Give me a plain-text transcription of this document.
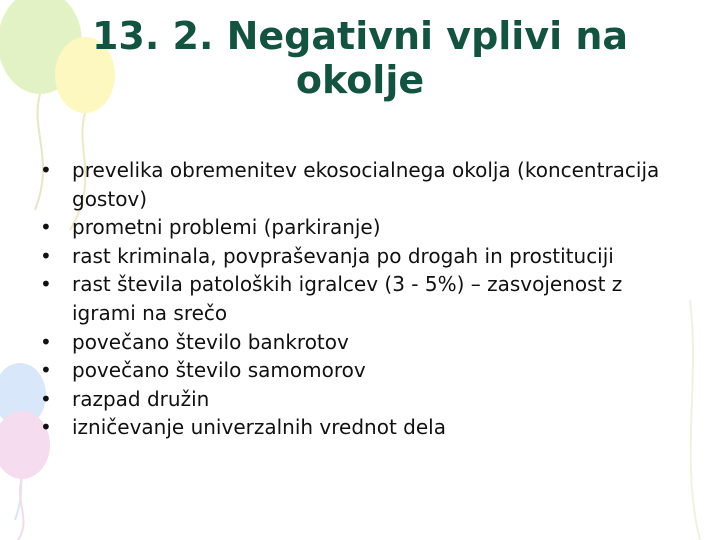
13. 2. Negativni vplivi na
okolje
•	prevelika obremenitev ekosocialnega okolja (koncentracija gostov)
•	prometni problemi (parkiranje)
•	rast kriminala, povpraševanja po drogah in prostituciji
•	rast števila patoloških igralcev (3 - 5%) – zasvojenost z igrami na srečo
•	povečano število bankrotov
•	povečano število samomorov
•	razpad družin
•	izničevanje univerzalnih vrednot dela
